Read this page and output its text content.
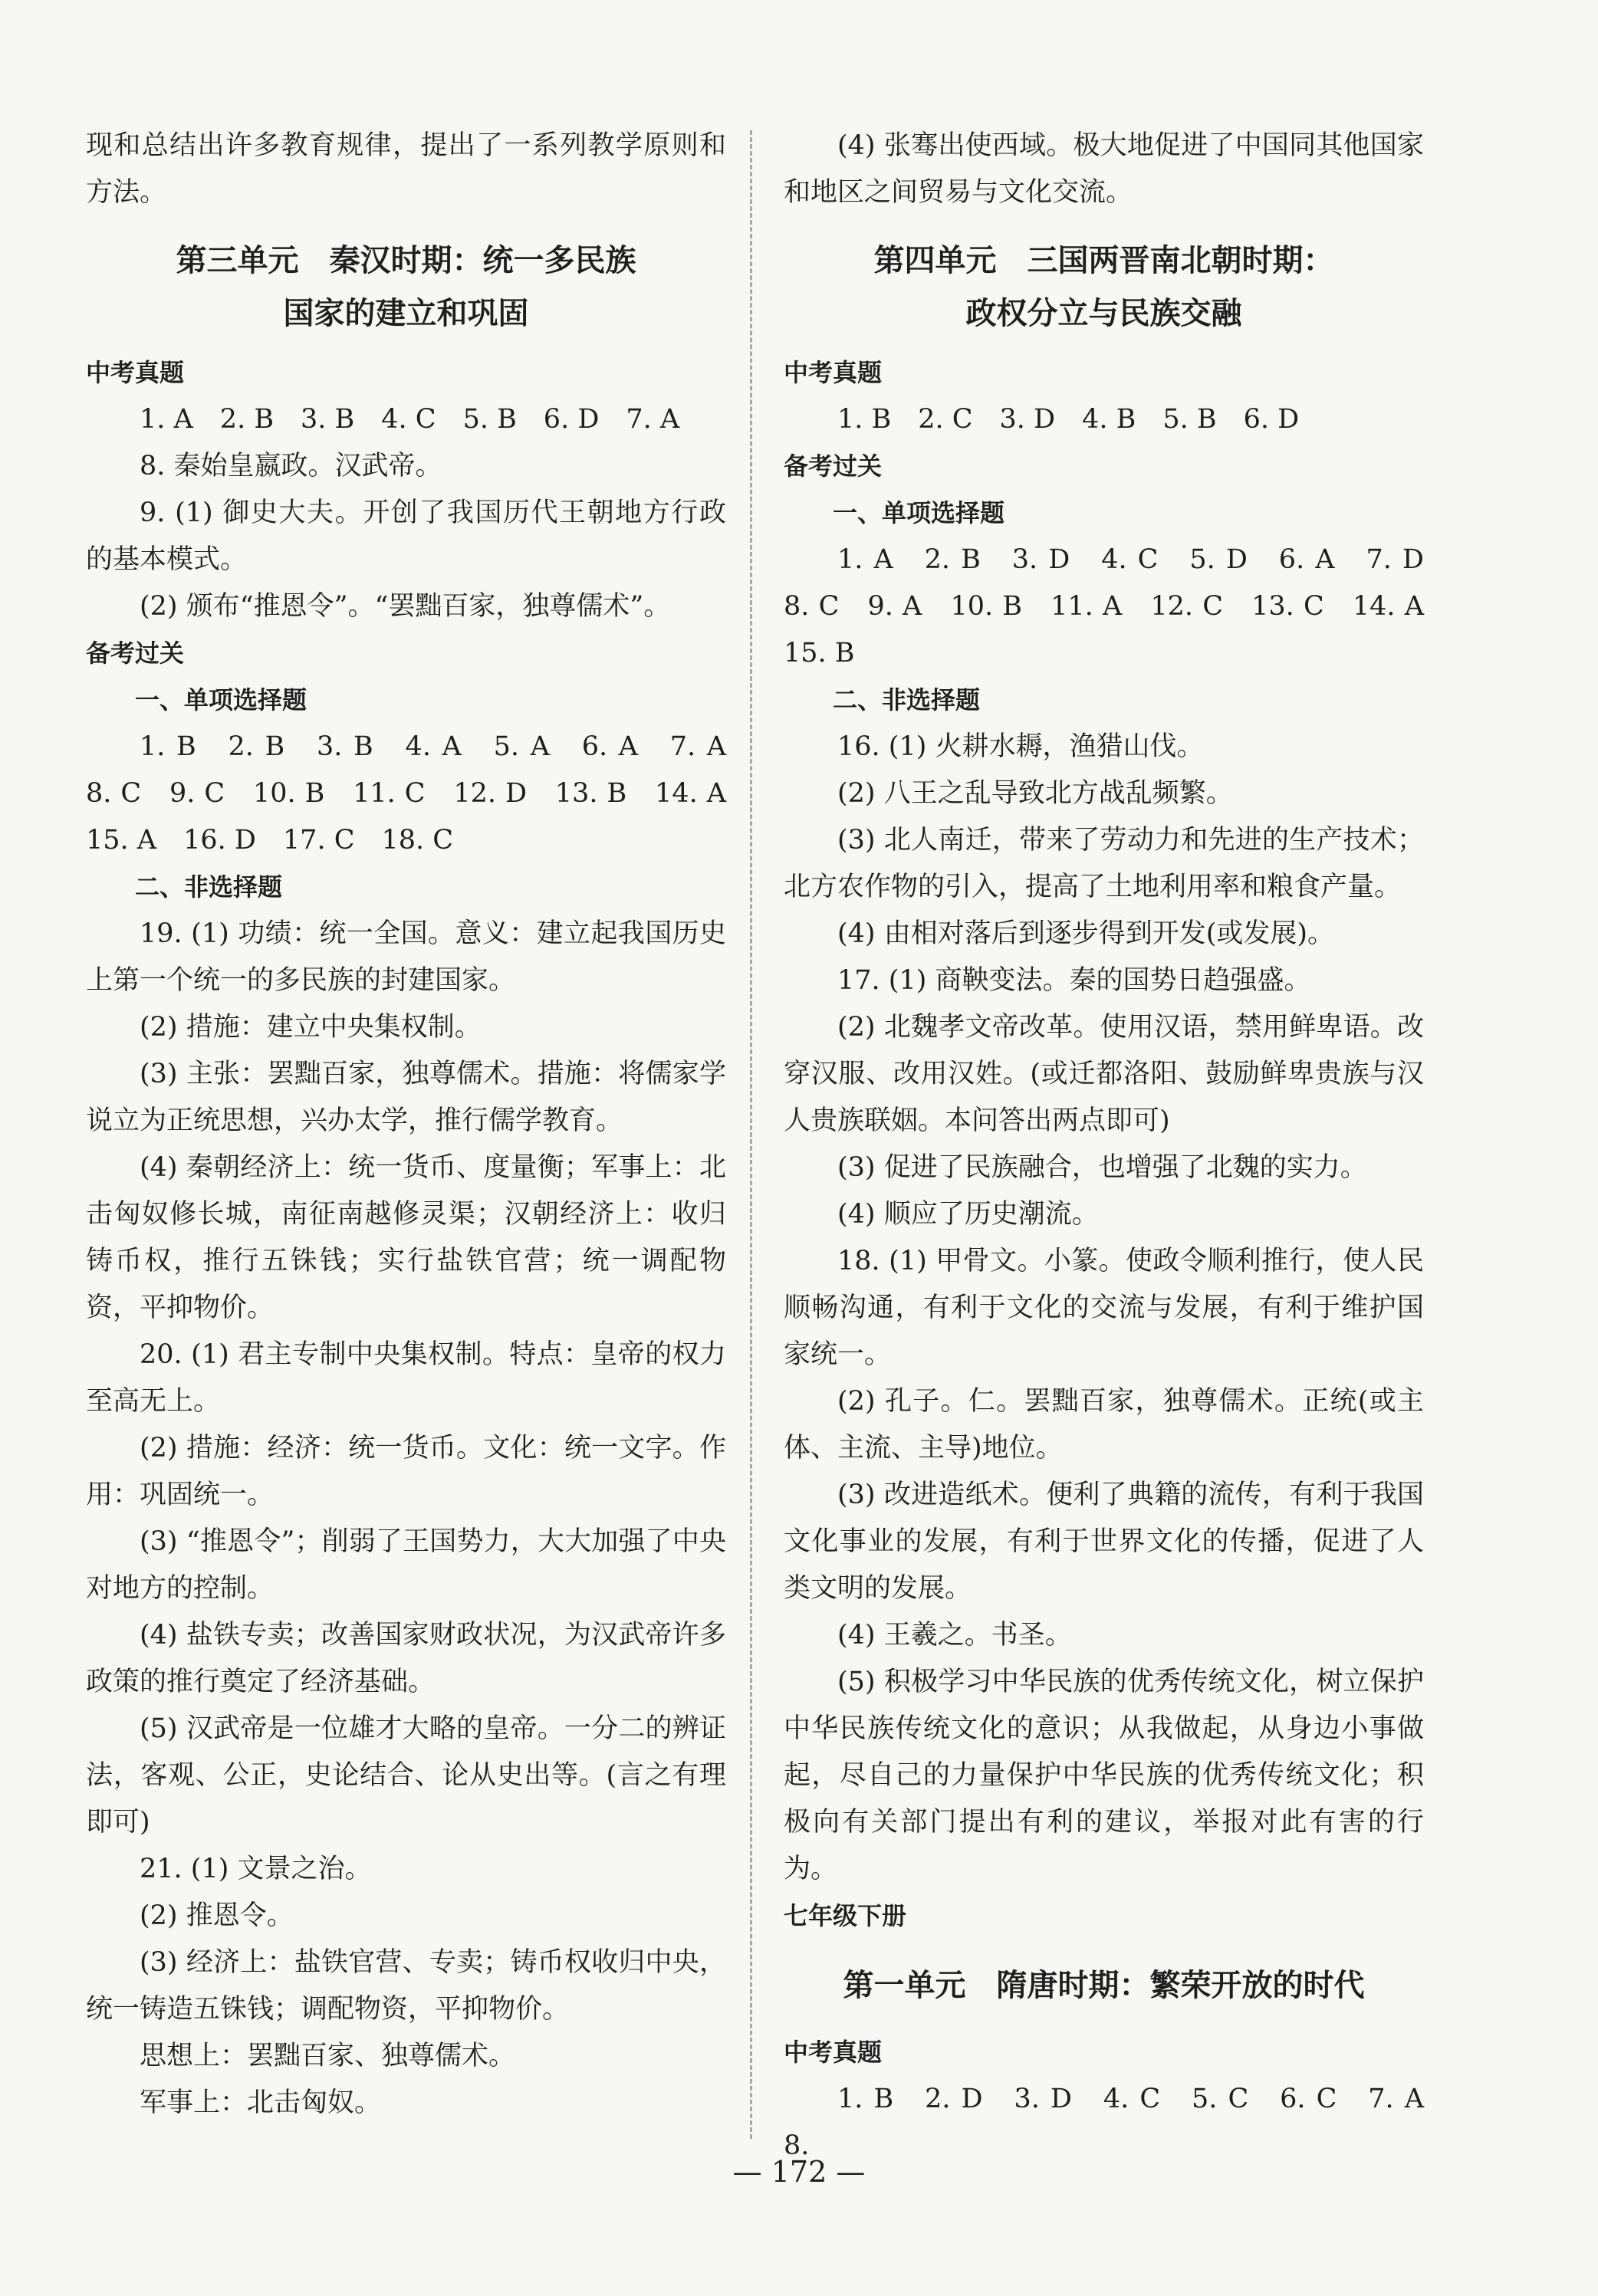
现和总结出许多教育规律，提出了一系列教学原则和方法。

第三单元　秦汉时期：统一多民族

国家的建立和巩固

中考真题

1. A　2. B　3. B　4. C　5. B　6. D　7. A

8. 秦始皇嬴政。汉武帝。

9. (1) 御史大夫。开创了我国历代王朝地方行政的基本模式。

(2) 颁布“推恩令”。“罢黜百家，独尊儒术”。

备考过关

一、单项选择题

1. B　2. B　3. B　4. A　5. A　6. A　7. A　8. C　9. C　10. B　11. C　12. D　13. B　14. A　15. A　16. D　17. C　18. C

二、非选择题

19. (1) 功绩：统一全国。意义：建立起我国历史上第一个统一的多民族的封建国家。

(2) 措施：建立中央集权制。

(3) 主张：罢黜百家，独尊儒术。措施：将儒家学说立为正统思想，兴办太学，推行儒学教育。

(4) 秦朝经济上：统一货币、度量衡；军事上：北击匈奴修长城，南征南越修灵渠；汉朝经济上：收归铸币权，推行五铢钱；实行盐铁官营；统一调配物资，平抑物价。

20. (1) 君主专制中央集权制。特点：皇帝的权力至高无上。

(2) 措施：经济：统一货币。文化：统一文字。作用：巩固统一。

(3) “推恩令”；削弱了王国势力，大大加强了中央对地方的控制。

(4) 盐铁专卖；改善国家财政状况，为汉武帝许多政策的推行奠定了经济基础。

(5) 汉武帝是一位雄才大略的皇帝。一分二的辨证法，客观、公正，史论结合、论从史出等。(言之有理即可)

21. (1) 文景之治。

(2) 推恩令。

(3) 经济上：盐铁官营、专卖；铸币权收归中央，统一铸造五铢钱；调配物资，平抑物价。

思想上：罢黜百家、独尊儒术。

军事上：北击匈奴。

(4) 张骞出使西域。极大地促进了中国同其他国家和地区之间贸易与文化交流。

第四单元　三国两晋南北朝时期：

政权分立与民族交融

中考真题

1. B　2. C　3. D　4. B　5. B　6. D

备考过关

一、单项选择题

1. A　2. B　3. D　4. C　5. D　6. A　7. D　8. C　9. A　10. B　11. A　12. C　13. C　14. A　15. B

二、非选择题

16. (1) 火耕水耨，渔猎山伐。

(2) 八王之乱导致北方战乱频繁。

(3) 北人南迁，带来了劳动力和先进的生产技术；北方农作物的引入，提高了土地利用率和粮食产量。

(4) 由相对落后到逐步得到开发(或发展)。

17. (1) 商鞅变法。秦的国势日趋强盛。

(2) 北魏孝文帝改革。使用汉语，禁用鲜卑语。改穿汉服、改用汉姓。(或迁都洛阳、鼓励鲜卑贵族与汉人贵族联姻。本问答出两点即可)

(3) 促进了民族融合，也增强了北魏的实力。

(4) 顺应了历史潮流。

18. (1) 甲骨文。小篆。使政令顺利推行，使人民顺畅沟通，有利于文化的交流与发展，有利于维护国家统一。

(2) 孔子。仁。罢黜百家，独尊儒术。正统(或主体、主流、主导)地位。

(3) 改进造纸术。便利了典籍的流传，有利于我国文化事业的发展，有利于世界文化的传播，促进了人类文明的发展。

(4) 王羲之。书圣。

(5) 积极学习中华民族的优秀传统文化，树立保护中华民族传统文化的意识；从我做起，从身边小事做起，尽自己的力量保护中华民族的优秀传统文化；积极向有关部门提出有利的建议，举报对此有害的行为。

七年级下册

第一单元　隋唐时期：繁荣开放的时代

中考真题

1. B　2. D　3. D　4. C　5. C　6. C　7. A　8.

— 172 —
